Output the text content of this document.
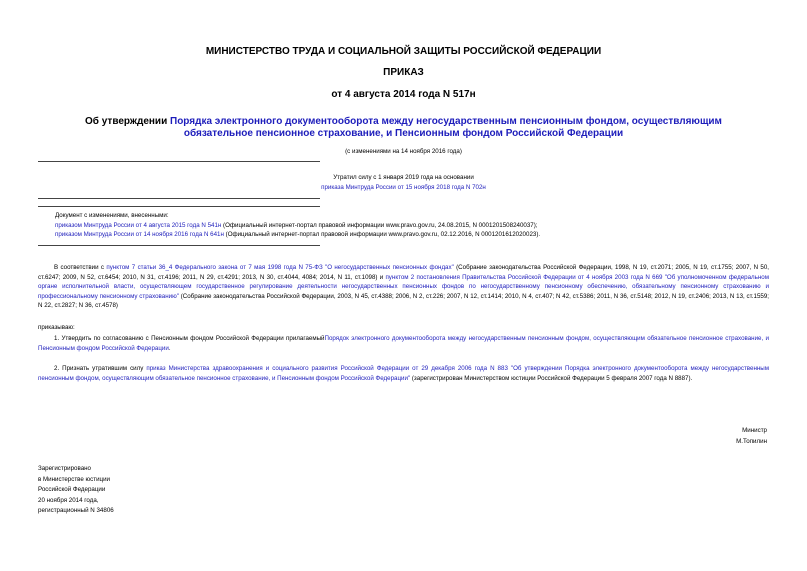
МИНИСТЕРСТВО ТРУДА И СОЦИАЛЬНОЙ ЗАЩИТЫ РОССИЙСКОЙ ФЕДЕРАЦИИ
ПРИКАЗ
от 4 августа 2014 года N 517н
Об утверждении Порядка электронного документооборота между негосударственным пенсионным фондом, осуществляющим обязательное пенсионное страхование, и Пенсионным фондом Российской Федерации
(с изменениями на 14 ноября 2016 года)
Утратил силу с 1 января 2019 года на основании
приказа Минтруда России от 15 ноября 2018 года N 702н
Документ с изменениями, внесенными:
приказом Минтруда России от 4 августа 2015 года N 541н (Официальный интернет-портал правовой информации www.pravo.gov.ru, 24.08.2015, N 0001201508240037);
приказом Минтруда России от 14 ноября 2016 года N 641н (Официальный интернет-портал правовой информации www.pravo.gov.ru, 02.12.2016, N 0001201612020023).
В соответствии с пунктом 7 статьи 36_4 Федерального закона от 7 мая 1998 года N 75-ФЗ "О негосударственных пенсионных фондах" (Собрание законодательства Российской Федерации, 1998, N 19, ст.2071; 2005, N 19, ст.1755; 2007, N 50, ст.6247; 2009, N 52, ст.6454; 2010, N 31, ст.4196; 2011, N 29, ст.4291; 2013, N 30, ст.4044, 4084; 2014, N 11, ст.1098) и пунктом 2 постановления Правительства Российской Федерации от 4 ноября 2003 года N 669 "Об уполномоченном федеральном органе исполнительной власти, осуществляющем государственное регулирование деятельности негосударственных пенсионных фондов по негосударственному пенсионному обеспечению, обязательному пенсионному страхованию и профессиональному пенсионному страхованию" (Собрание законодательства Российской Федерации, 2003, N 45, ст.4388; 2006, N 2, ст.226; 2007, N 12, ст.1414; 2010, N 4, ст.407; N 42, ст.5386; 2011, N 36, ст.5148; 2012, N 19, ст.2406; 2013, N 13, ст.1559; N 22, ст.2827; N 36, ст.4578)
приказываю:
1. Утвердить по согласованию с Пенсионным фондом Российской Федерации прилагаемыйПорядок электронного документооборота между негосударственным пенсионным фондом, осуществляющим обязательное пенсионное страхование, и Пенсионным фондом Российской Федерации.
2. Признать утратившим силу приказ Министерства здравоохранения и социального развития Российской Федерации от 29 декабря 2006 года N 883 "Об утверждении Порядка электронного документооборота между негосударственным пенсионным фондом, осуществляющим обязательное пенсионное страхование, и Пенсионным фондом Российской Федерации" (зарегистрирован Министерством юстиции Российской Федерации 5 февраля 2007 года N 8887).
Министр
М.Топилин
Зарегистрировано
в Министерстве юстиции
Российской Федерации
20 ноября 2014 года,
регистрационный N 34806
